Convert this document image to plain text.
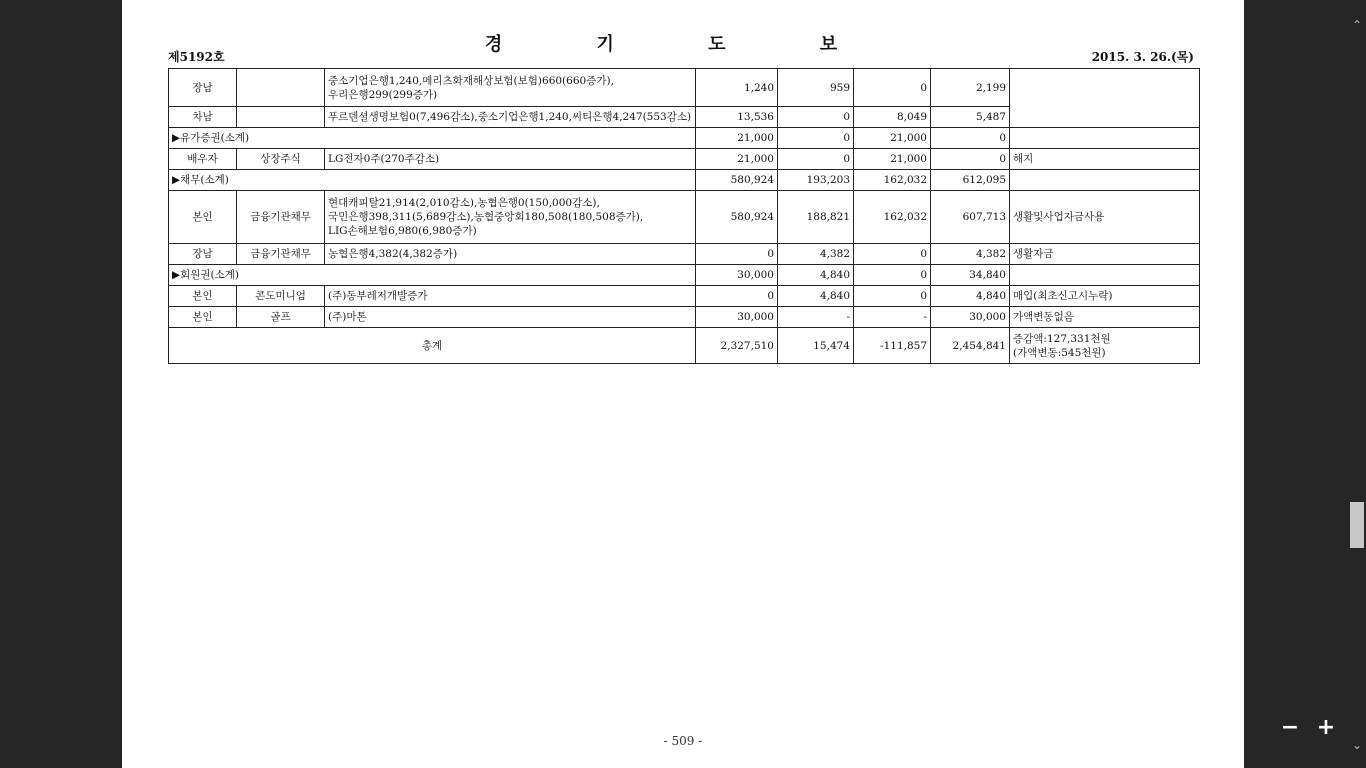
경 기 도 보
제5192호	2015. 3. 26.(목)
장남		중소기업은행1,240,메리츠화재해상보험(보험)660(660증가),
우리은행299(299증가)	1,240	959	0	2,199	
차남		푸르덴셜생명보험0(7,496감소),중소기업은행1,240,씨티은행4,247(553감소)	13,536	0	8,049	5,487	
▶유가증권(소계)			21,000	0	21,000	0	
배우자	상장주식	LG전자0주(270주감소)	21,000	0	21,000	0	해지
▶채무(소계)			580,924	193,203	162,032	612,095	
본인	금융기관채무	현대캐피탈21,914(2,010감소),농협은행0(150,000감소),
국민은행398,311(5,689감소),농협중앙회180,508(180,508증가),
LIG손해보험6,980(6,980증가)	580,924	188,821	162,032	607,713	생활및사업자금사용
장남	금융기관채무	농협은행4,382(4,382증가)	0	4,382	0	4,382	생활자금
▶회원권(소계)			30,000	4,840	0	34,840	
본인	콘도미니엄	(주)동부레저개발증가	0	4,840	0	4,840	매입(최초신고시누락)
본인	골프	(주)마톤	30,000	-	-	30,000	가액변동없음
총계			2,327,510	15,474	-111,857	2,454,841	증감액:127,331천원
(가액변동:545천원)
- 509 -
− +
⌃
⌄
